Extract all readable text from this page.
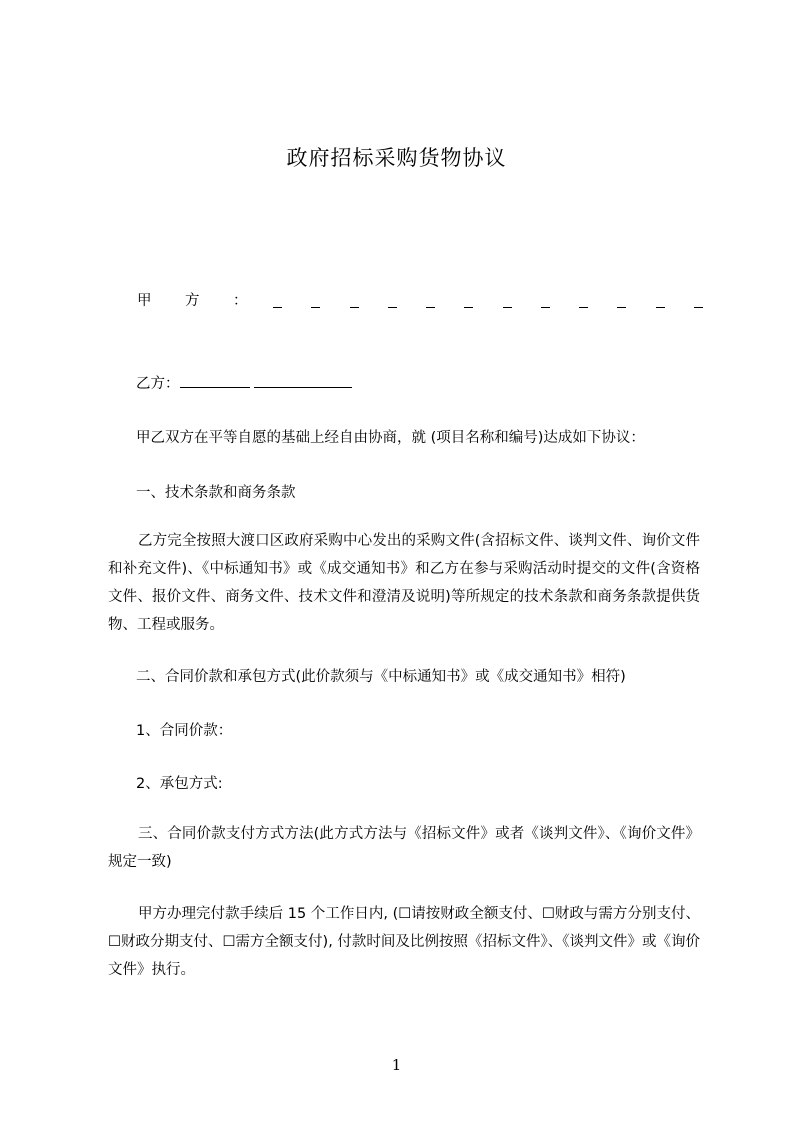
政府招标采购货物协议
甲 方 ：
乙方：
甲乙双方在平等自愿的基础上经自由协商，就 (项目名称和编号)达成如下协议：
一、技术条款和商务条款
乙方完全按照大渡口区政府采购中心发出的采购文件(含招标文件、谈判文件、询价文件和补充文件)、《中标通知书》或《成交通知书》和乙方在参与采购活动时提交的文件(含资格文件、报价文件、商务文件、技术文件和澄清及说明)等所规定的技术条款和商务条款提供货物、工程或服务。
二、合同价款和承包方式(此价款须与《中标通知书》或《成交通知书》相符)
1、合同价款：
2、承包方式:
三、合同价款支付方式方法(此方式方法与《招标文件》或者《谈判文件》、《询价文件》规定一致)
甲方办理完付款手续后 15 个工作日内, (☐请按财政全额支付、☐财政与需方分别支付、☐财政分期支付、☐需方全额支付), 付款时间及比例按照《招标文件》、《谈判文件》或《询价文件》执行。
1
